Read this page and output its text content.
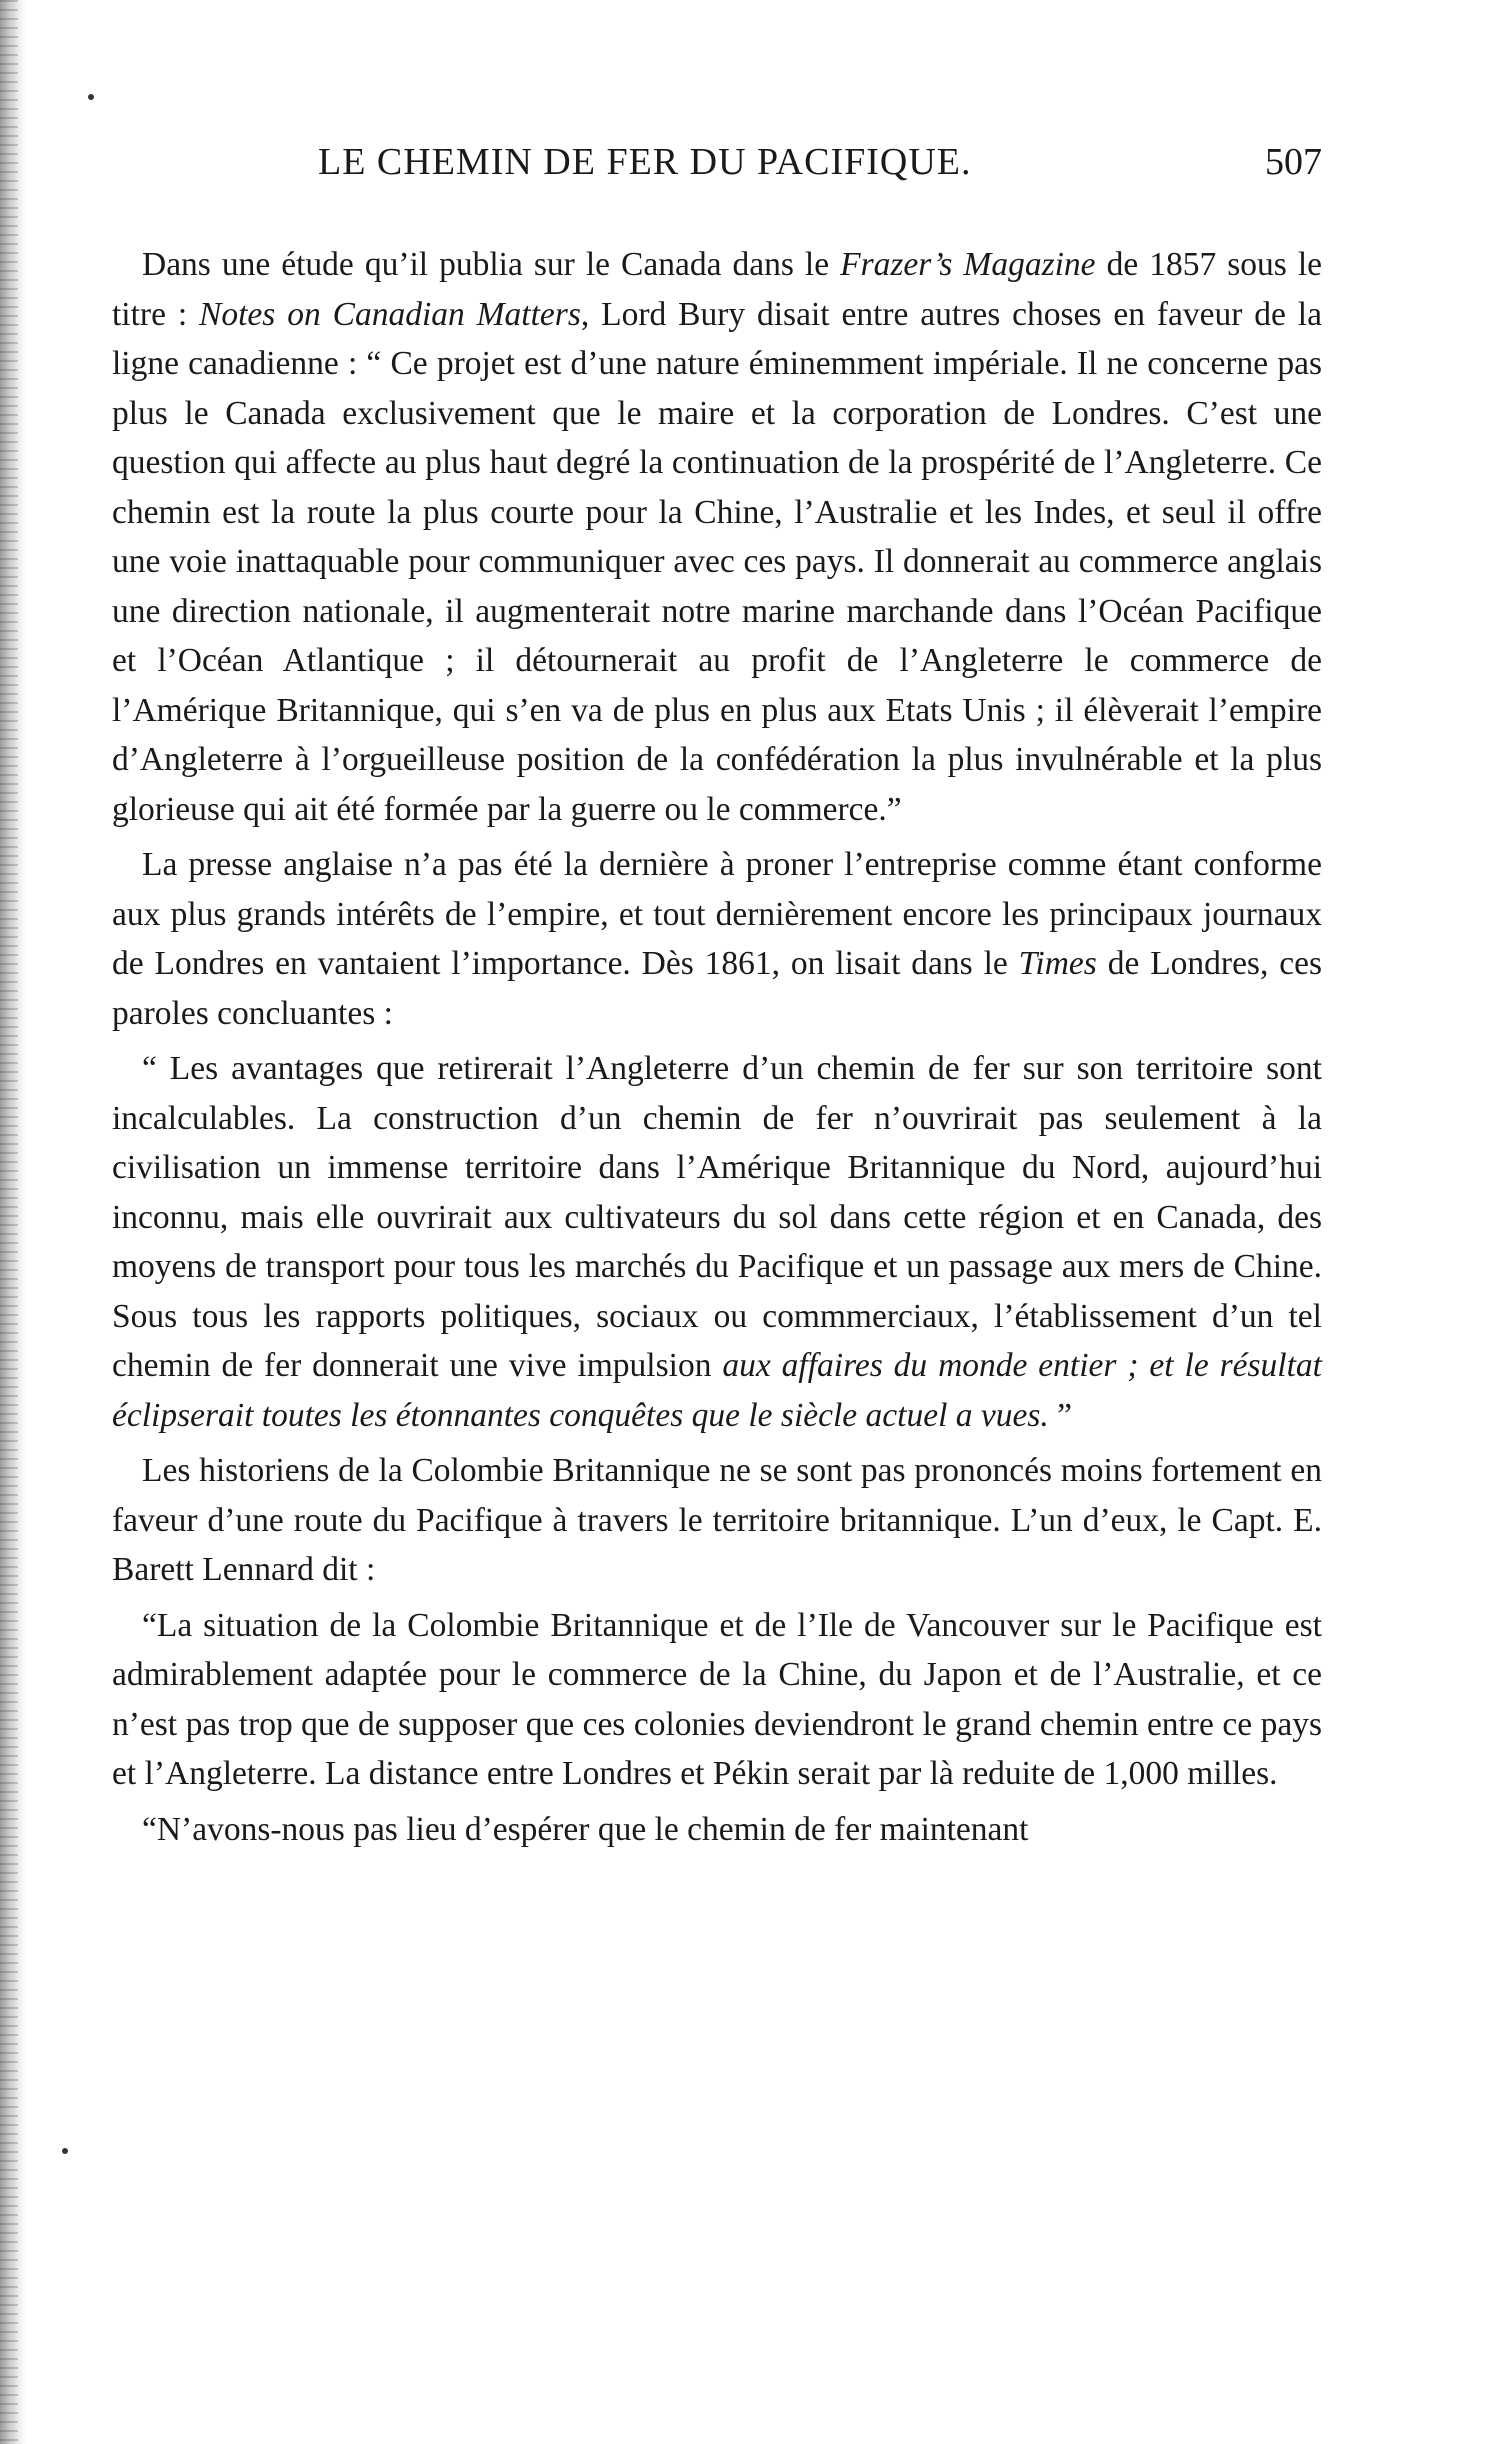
LE CHEMIN DE FER DU PACIFIQUE.	507

Dans une étude qu’il publia sur le Canada dans le Frazer’s Magazine de 1857 sous le titre : Notes on Canadian Matters, Lord Bury disait entre autres choses en faveur de la ligne canadienne : “ Ce projet est d’une nature éminemment impériale. Il ne concerne pas plus le Canada exclusivement que le maire et la corporation de Londres. C’est une question qui affecte au plus haut degré la continuation de la prospérité de l’Angleterre. Ce chemin est la route la plus courte pour la Chine, l’Australie et les Indes, et seul il offre une voie inattaquable pour communiquer avec ces pays. Il donnerait au commerce anglais une direction nationale, il augmenterait notre marine marchande dans l’Océan Pacifique et l’Océan Atlantique ; il détournerait au profit de l’Angleterre le commerce de l’Amérique Britannique, qui s’en va de plus en plus aux Etats Unis ; il élèverait l’empire d’Angleterre à l’orgueilleuse position de la confédération la plus invulnérable et la plus glorieuse qui ait été formée par la guerre ou le commerce.”

La presse anglaise n’a pas été la dernière à proner l’entreprise comme étant conforme aux plus grands intérêts de l’empire, et tout dernièrement encore les principaux journaux de Londres en vantaient l’importance. Dès 1861, on lisait dans le Times de Londres, ces paroles concluantes :

“ Les avantages que retirerait l’Angleterre d’un chemin de fer sur son territoire sont incalculables. La construction d’un chemin de fer n’ouvrirait pas seulement à la civilisation un immense territoire dans l’Amérique Britannique du Nord, aujourd’hui inconnu, mais elle ouvrirait aux cultivateurs du sol dans cette région et en Canada, des moyens de transport pour tous les marchés du Pacifique et un passage aux mers de Chine. Sous tous les rapports politiques, sociaux ou commmerciaux, l’établissement d’un tel chemin de fer donnerait une vive impulsion aux affaires du monde entier ; et le résultat éclipserait toutes les étonnantes conquêtes que le siècle actuel a vues. ”

Les historiens de la Colombie Britannique ne se sont pas prononcés moins fortement en faveur d’une route du Pacifique à travers le territoire britannique. L’un d’eux, le Capt. E. Barett Lennard dit :

“La situation de la Colombie Britannique et de l’Ile de Vancouver sur le Pacifique est admirablement adaptée pour le commerce de la Chine, du Japon et de l’Australie, et ce n’est pas trop que de supposer que ces colonies deviendront le grand chemin entre ce pays et l’Angleterre. La distance entre Londres et Pékin serait par là reduite de 1,000 milles.

“N’avons-nous pas lieu d’espérer que le chemin de fer maintenant
